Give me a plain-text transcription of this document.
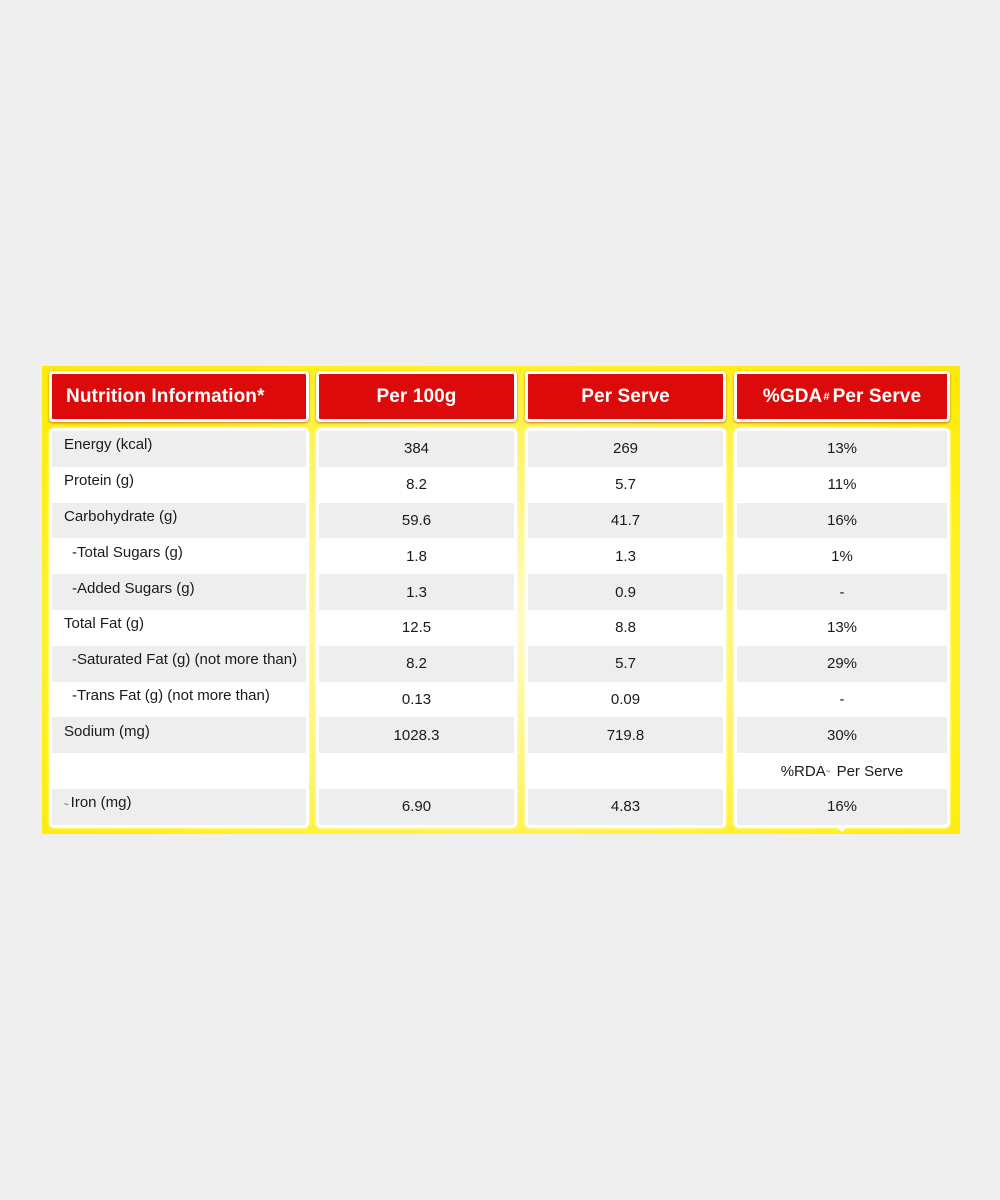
Nutrition Information*
Energy (kcal)
Protein (g)
Carbohydrate (g)
-Total Sugars (g)
-Added Sugars (g)
Total Fat (g)
-Saturated Fat (g) (not more than)
-Trans Fat (g) (not more than)
Sodium (mg)
~ Iron (mg)
Per 100g
384
8.2
59.6
1.8
1.3
12.5
8.2
0.13
1028.3
6.90
Per Serve
269
5.7
41.7
1.3
0.9
8.8
5.7
0.09
719.8
4.83
%GDA # Per Serve
13%
11%
16%
1%
-
13%
29%
-
30%
%RDA ~
Per Serve
16%
